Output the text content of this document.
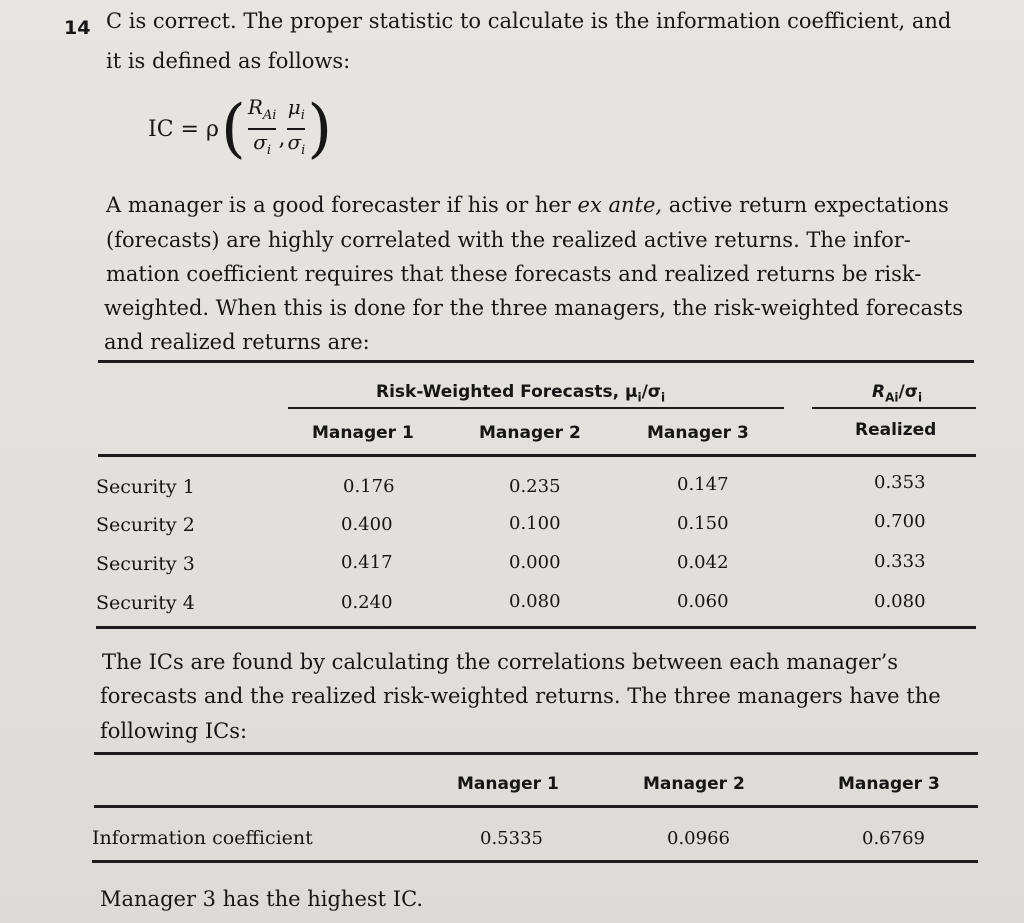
14 C is correct. The proper statistic to calculate is the information coefficient, and
it is defined as follows:
IC = ρ ( $\frac{R_{Ai}}{\sigma_i}$ , $\frac{\mu_i}{\sigma_i}$ )
A manager is a good forecaster if his or her ex ante, active return expectations
(forecasts) are highly correlated with the realized active returns. The infor-
mation coefficient requires that these forecasts and realized returns be risk-
weighted. When this is done for the three managers, the risk-weighted forecasts
and realized returns are:
Risk-Weighted Forecasts, $\mu_i/\sigma_i$	$R_{Ai}/\sigma_i$
Manager 1	Manager 2	Manager 3	Realized
Security 1	0.176	0.235	0.147	0.353
Security 2	0.400	0.100	0.150	0.700
Security 3	0.417	0.000	0.042	0.333
Security 4	0.240	0.080	0.060	0.080
The ICs are found by calculating the correlations between each manager’s
forecasts and the realized risk-weighted returns. The three managers have the
following ICs:
Manager 1	Manager 2	Manager 3
Information coefficient	0.5335	0.0966	0.6769
Manager 3 has the highest IC.
